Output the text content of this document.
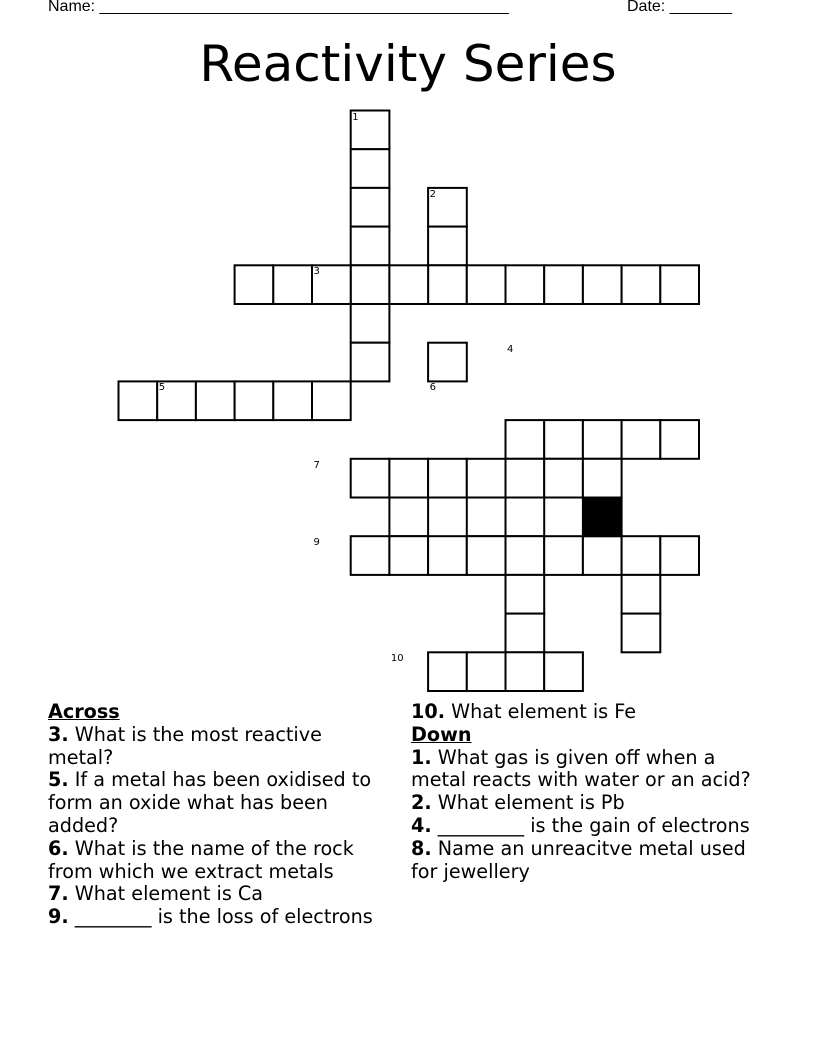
Name: ______________________________________________	Date: _______
Reactivity Series
1
2
3
4
5	6
7
8
9
10
Across
3. What is the most reactive metal?
5. If a metal has been oxidised to form an oxide what has been added?
6. What is the name of the rock from which we extract metals
7. What element is Ca
9. ________ is the loss of electrons
10. What element is Fe
Down
1. What gas is given off when a metal reacts with water or an acid?
2. What element is Pb
4. _________ is the gain of electrons
8. Name an unreacitve metal used for jewellery
